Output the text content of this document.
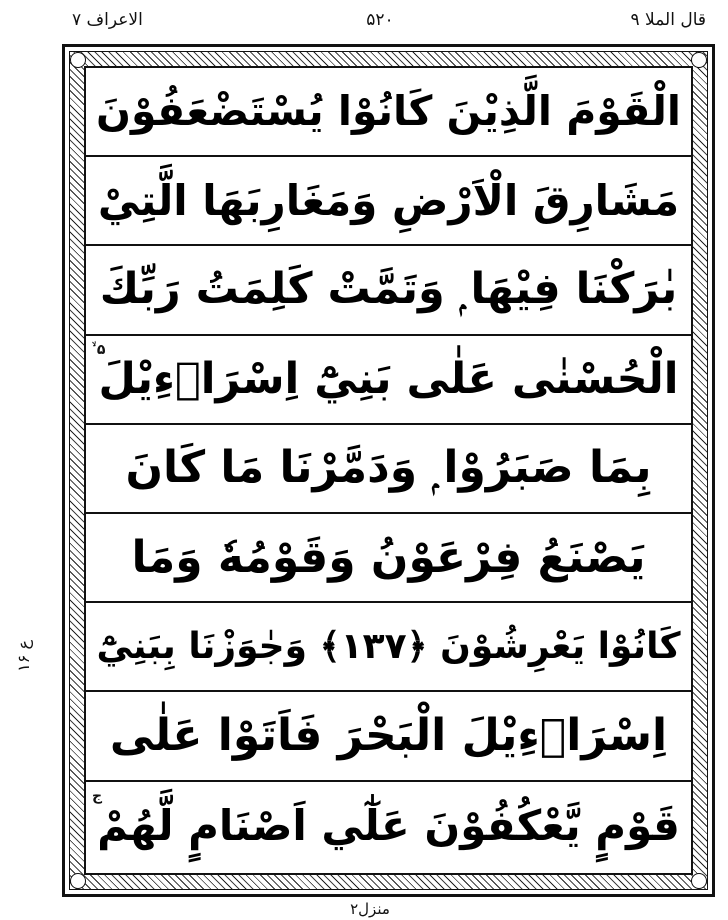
الاعراف ۷	۵۲۰	قال الملا ۹
ع ۱۶
الْقَوْمَ الَّذِيْنَ كَانُوْا يُسْتَضْعَفُوْنَ
مَشَارِقَ الْاَرْضِ وَمَغَارِبَهَا الَّتِيْ
بٰرَكْنَا فِيْهَا ۭ وَتَمَّتْ كَلِمَتُ رَبِّكَ
ۙ ۵
الْحُسْنٰى عَلٰى بَنِيْٓ اِسْرَاۗءِيْلَ
بِمَا صَبَرُوْا ۭ وَدَمَّرْنَا مَا كَانَ
يَصْنَعُ فِرْعَوْنُ وَقَوْمُهٗ وَمَا
كَانُوْا يَعْرِشُوْنَ ﴿۱۳۷﴾ وَجٰوَزْنَا بِبَنِيْٓ
اِسْرَاۗءِيْلَ الْبَحْرَ فَاَتَوْا عَلٰى
ج
قَوْمٍ يَّعْكُفُوْنَ عَلٰٓي اَصْنَامٍ لَّهُمْ
منزل۲
